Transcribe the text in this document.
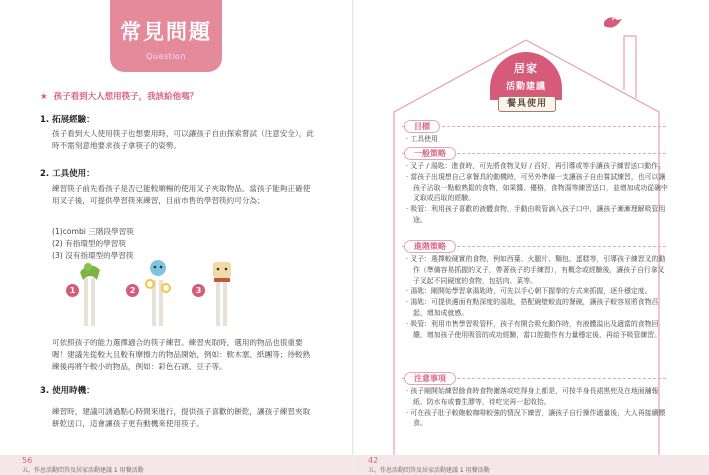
常見問題
Question
★ 孩子看到大人想用筷子，我該給他嗎？
1. 拓展經驗：
孩子看到大人使用筷子也想要用時，可以讓孩子自由探索嘗試（注意安全），此時不需刻意地要求孩子拿筷子的姿勢。
2. 工具使用：
練習筷子前先看孩子是否已能較順暢的使用叉子夾取物品。當孩子能夠正確使用叉子後，可提供學習筷來練習，目前市售的學習筷約可分為；
(1)combi 三階段學習筷
(2) 有指環型的學習筷
(3) 沒有指環型的學習筷
1	2	3
可依照孩子的能力選擇適合的筷子練習。練習夾取時，選用的物品也很重要喔！建議先從較大且較有摩擦力的物品開始，例如：軟木塞、紙團等；待較熟練後再將午較小的物品，例如：彩色石頭、豆子等。
3. 使用時機：
練習時，建議可誘過點心時間來進行，提供孩子喜歡的餅乾，讓孩子練習夾取餅乾送口，這會讓孩子更有動機來使用筷子。
56
五、作息活動問答及居家活動建議 1 用餐活動
居家
活動建議
餐具使用
目標

· 工具使用

一般策略

· 叉子 / 湯匙：進食時，可先將食物叉好 / 舀好，再引導或等手讓孩子練習送口動作。

· 當孩子出現想自己拿餐具的動機時，可另外準備一支讓孩子自由嘗試練習，也可以讓孩子沾取一點較熟鬆的食物，如果醬、優格，食物湯等練習送口，並增加成功從碗中叉取或舀取的經驗。

· 吸管：利用孩子喜歡的液體食物，手動由吸管滴入孩子口中，讓孩子漸漸理解吸管用途。

進階策略

· 叉子：選擇較硬實的食物，例如西葉、火腿片、麵包、蛋糕等，引導孩子練習叉的動作（準備容易抓握的叉子，帶著孩子的手練習），有概念或經驗後，讓孩子自行拿叉子叉起不同硬度的食物，包括肉、菜等。

· 湯匙：剛開始學習拿湯匙時，可先以手心朝下握拳的方式來抓握，逐升穩定度。

· 湯匙：可提供邊面有點深度的湯匙，搭配碗壁較直的餐碗，讓孩子較容易將食物舀起，增加成就感。

· 吸管：利用市售學習吸管杯，孩子有開合吸允動作時，有液體溢出及適當的食物回饋，增加孩子使用吸管的成功經驗，當口腔動作有力量穩定後，再給予吸管練習。

注意事項

· 孩子剛開始練習餘食時食物灑落或吃得身上都是，可按半身長裙黑兜及在地面舖報紙、防水布或養生膠等，待吃完再一起收拾。

· 可在孩子肚子較飽較咖啡較強的情況下練習，讓孩子自行操作適量後，大人再接續餵食。

42
五、作息活動問答及居家活動建議 1 用餐活動
